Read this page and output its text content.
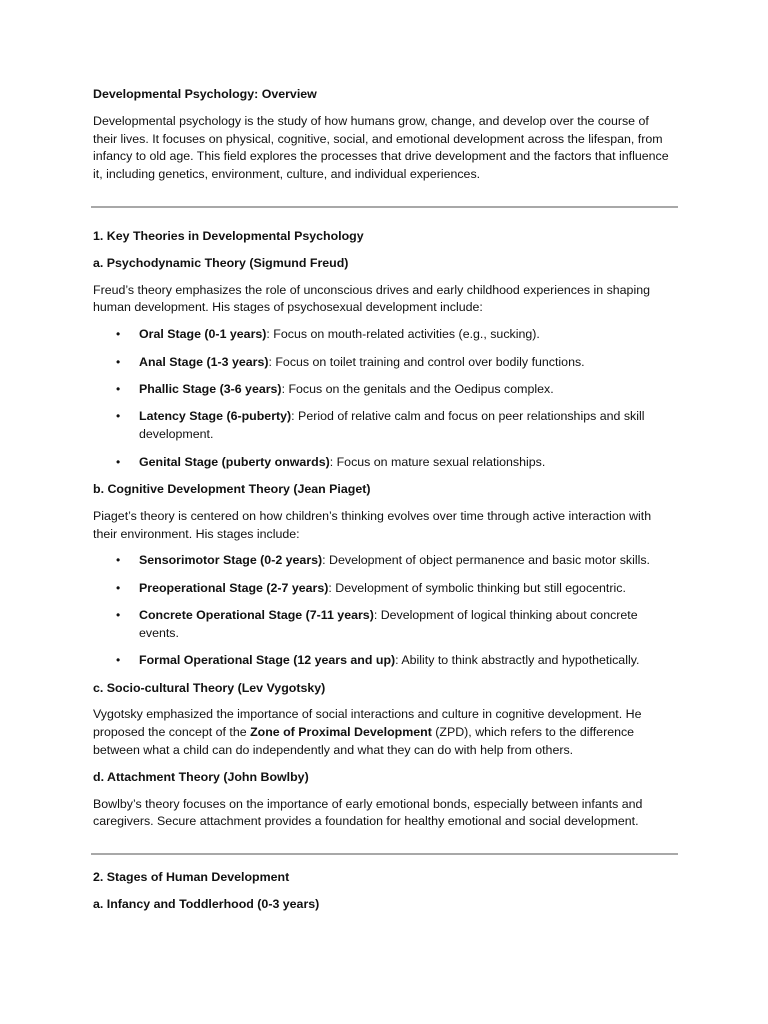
Developmental Psychology: Overview

Developmental psychology is the study of how humans grow, change, and develop over the course of their lives. It focuses on physical, cognitive, social, and emotional development across the lifespan, from infancy to old age. This field explores the processes that drive development and the factors that influence it, including genetics, environment, culture, and individual experiences.

1. Key Theories in Developmental Psychology

a. Psychodynamic Theory (Sigmund Freud)

Freud’s theory emphasizes the role of unconscious drives and early childhood experiences in shaping human development. His stages of psychosexual development include:

• Oral Stage (0-1 years): Focus on mouth-related activities (e.g., sucking).
• Anal Stage (1-3 years): Focus on toilet training and control over bodily functions.
• Phallic Stage (3-6 years): Focus on the genitals and the Oedipus complex.
• Latency Stage (6-puberty): Period of relative calm and focus on peer relationships and skill development.
• Genital Stage (puberty onwards): Focus on mature sexual relationships.

b. Cognitive Development Theory (Jean Piaget)

Piaget’s theory is centered on how children’s thinking evolves over time through active interaction with their environment. His stages include:

• Sensorimotor Stage (0-2 years): Development of object permanence and basic motor skills.
• Preoperational Stage (2-7 years): Development of symbolic thinking but still egocentric.
• Concrete Operational Stage (7-11 years): Development of logical thinking about concrete events.
• Formal Operational Stage (12 years and up): Ability to think abstractly and hypothetically.

c. Socio-cultural Theory (Lev Vygotsky)

Vygotsky emphasized the importance of social interactions and culture in cognitive development. He proposed the concept of the Zone of Proximal Development (ZPD), which refers to the difference between what a child can do independently and what they can do with help from others.

d. Attachment Theory (John Bowlby)

Bowlby’s theory focuses on the importance of early emotional bonds, especially between infants and caregivers. Secure attachment provides a foundation for healthy emotional and social development.

2. Stages of Human Development

a. Infancy and Toddlerhood (0-3 years)
